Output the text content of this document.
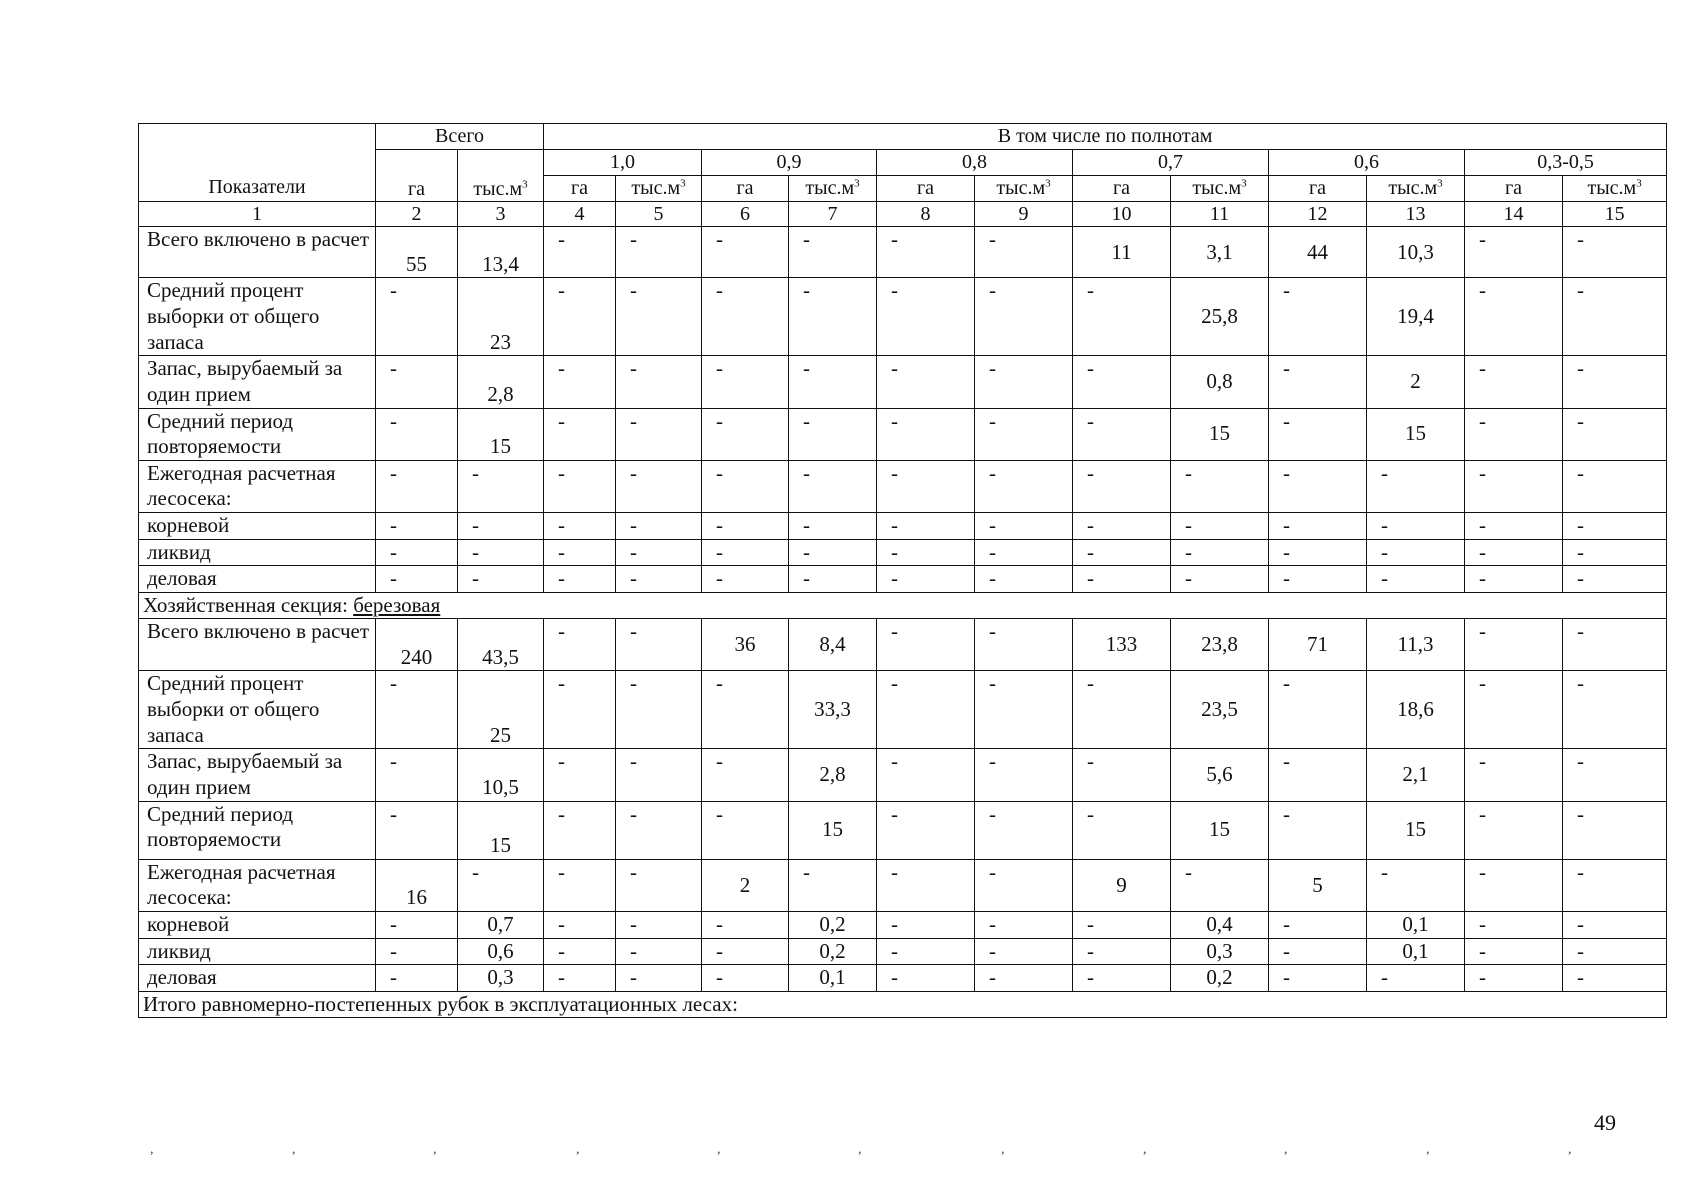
Показатели	Всего		В том числе по полнотам											
	га	$тыс.м^3$	1,0		0,9		0,8		0,7		0,6		0,3-0,5	
			га	$тыс.м^3$	га	$тыс.м^3$	га	$тыс.м^3$	га	$тыс.м^3$	га	$тыс.м^3$	га	$тыс.м^3$
1	2	3	4	5	6	7	8	9	10	11	12	13	14	15
Всего включено в расчет	55	13,4	-	-	-	-	-	-	11	3,1	44	10,3	-	-
Средний процент выборки от общего запаса	-	23	-	-	-	-	-	-	-	25,8	-	19,4	-	-
Запас, вырубаемый за один прием	-	2,8	-	-	-	-	-	-	-	0,8	-	2	-	-
Средний период повторяемости	-	15	-	-	-	-	-	-	-	15	-	15	-	-
Ежегодная расчетная лесосека:	-	-	-	-	-	-	-	-	-	-	-	-	-	-
корневой	-	-	-	-	-	-	-	-	-	-	-	-	-	-
ликвид	-	-	-	-	-	-	-	-	-	-	-	-	-	-
деловая	-	-	-	-	-	-	-	-	-	-	-	-	-	-
Хозяйственная секция: березовая														
Всего включено в расчет	240	43,5	-	-	36	8,4	-	-	133	23,8	71	11,3	-	-
Средний процент выборки от общего запаса	-	25	-	-	-	33,3	-	-	-	23,5	-	18,6	-	-
Запас, вырубаемый за один прием	-	10,5	-	-	-	2,8	-	-	-	5,6	-	2,1	-	-
Средний период повторяемости	-	15	-	-	-	15	-	-	-	15	-	15	-	-
Ежегодная расчетная лесосека:	16	-	-	-	2	-	-	-	9	-	5	-	-	-
корневой	-	0,7	-	-	-	0,2	-	-	-	0,4	-	0,1	-	-
ликвид	-	0,6	-	-	-	0,2	-	-	-	0,3	-	0,1	-	-
деловая	-	0,3	-	-	-	0,1	-	-	-	0,2	-	-	-	-
Итого равномерно-постепенных рубок в эксплуатационных лесах:														
49
,	,	,	,	,	,	,	,	,	,	,
